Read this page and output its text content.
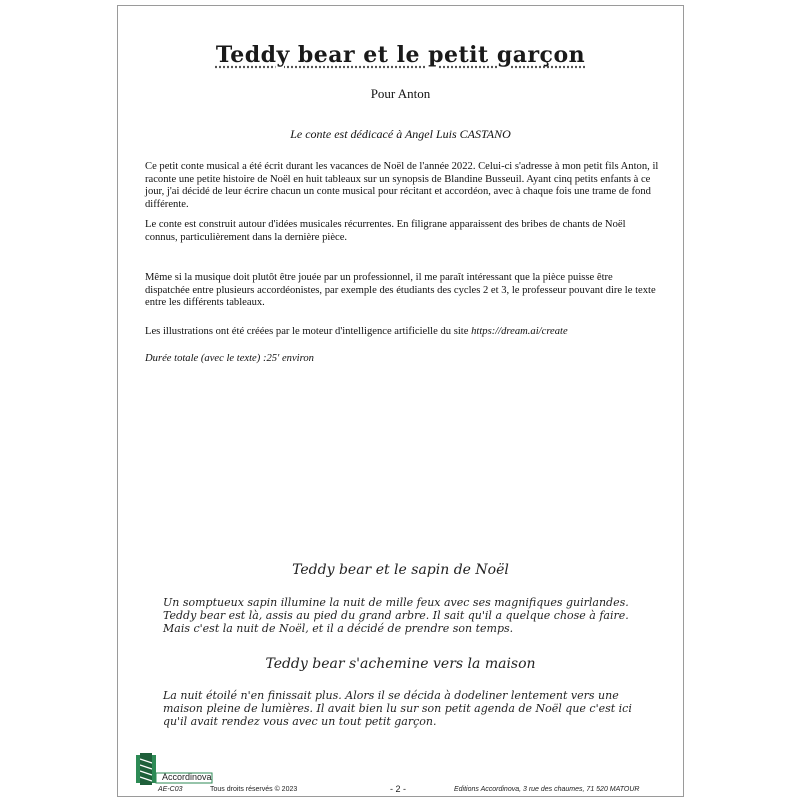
Teddy bear et le petit garçon
Pour Anton
Le conte est dédicacé à Angel Luis CASTANO
Ce petit conte musical a été écrit durant les vacances de Noël de l'année 2022. Celui-ci s'adresse à mon petit fils Anton, il raconte une petite histoire de Noël en huit tableaux sur un synopsis de Blandine Busseuil. Ayant cinq petits enfants à ce jour, j'ai décidé de leur écrire chacun un conte musical pour récitant et accordéon, avec à chaque fois une trame de fond différente.
Le conte est construit autour d'idées musicales récurrentes. En filigrane apparaissent des bribes de chants de Noël connus, particulièrement dans la dernière pièce.
Même si la musique doit plutôt être jouée par un professionnel, il me paraît intéressant que la pièce puisse être dispatchée entre plusieurs accordéonistes, par exemple des étudiants des cycles 2 et 3, le professeur pouvant dire le texte entre les différents tableaux.
Les illustrations ont été créées par le moteur d'intelligence artificielle du site https://dream.ai/create
Durée totale (avec le texte) :25' environ
Teddy bear et le sapin de Noël
Un somptueux sapin illumine la nuit de mille feux avec ses magnifiques guirlandes. Teddy bear est là, assis au pied du grand arbre. Il sait qu'il a quelque chose à faire. Mais c'est la nuit de Noël, et il a décidé de prendre son temps.
Teddy bear s'achemine vers la maison
La nuit étoilé n'en finissait plus. Alors il se décida à dodeliner lentement vers une maison pleine de lumières. Il avait bien lu sur son petit agenda de Noël que c'est ici qu'il avait rendez vous avec un tout petit garçon.
Accordinova
AE-C03	Tous droits réservés © 2023	- 2 -	Editions Accordinova, 3 rue des chaumes, 71 520 MATOUR
